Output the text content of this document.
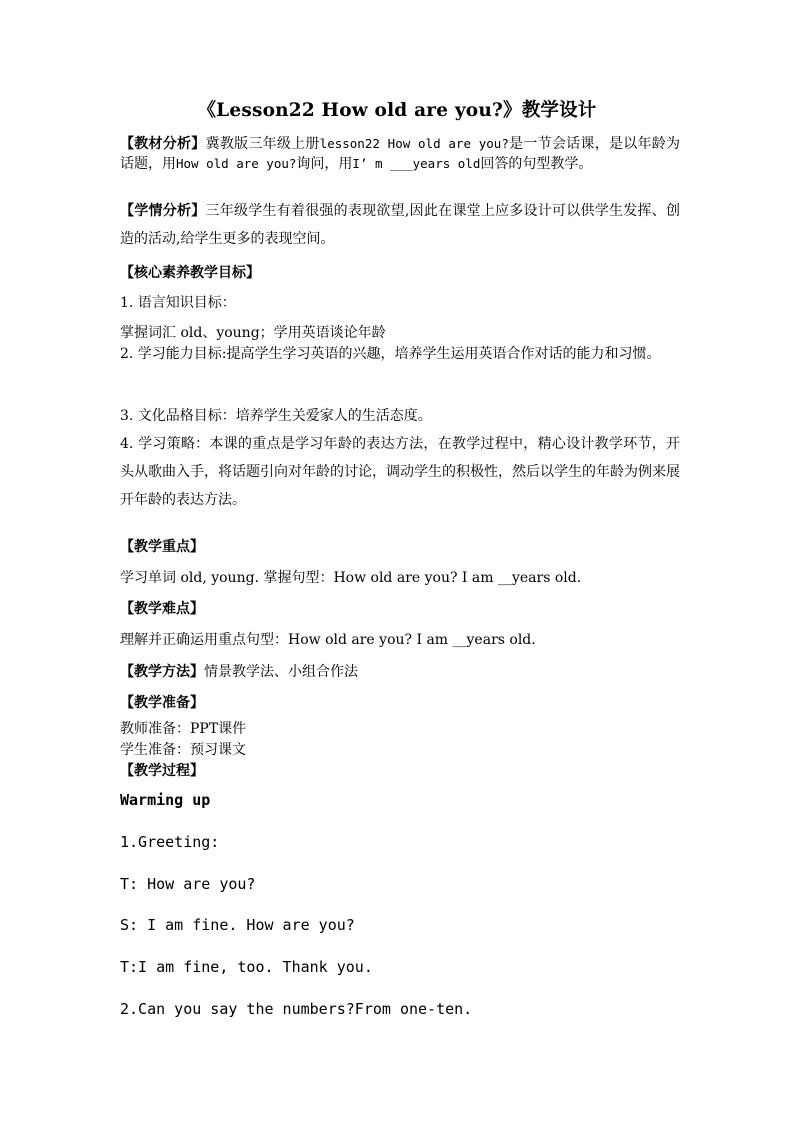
《Lesson22 How old are you?》教学设计
【教材分析】冀教版三年级上册lesson22 How old are you?是一节会话课，是以年龄为话题，用How old are you?询问，用I’ m ___years old回答的句型教学。
【学情分析】三年级学生有着很强的表现欲望,因此在课堂上应多设计可以供学生发挥、创造的活动,给学生更多的表现空间。
【核心素养教学目标】
1. 语言知识目标：
掌握词汇 old、young；学用英语谈论年龄
2. 学习能力目标:提高学生学习英语的兴趣，培养学生运用英语合作对话的能力和习惯。
3. 文化品格目标：培养学生关爱家人的生活态度。
4. 学习策略：本课的重点是学习年龄的表达方法，在教学过程中，精心设计教学环节，开头从歌曲入手，将话题引向对年龄的讨论，调动学生的积极性，然后以学生的年龄为例来展开年龄的表达方法。
【教学重点】
学习单词 old, young. 掌握句型：How old are you? I am __years old.
【教学难点】
理解并正确运用重点句型：How old are you? I am __years old.
【教学方法】情景教学法、小组合作法
【教学准备】
教师准备：PPT课件
学生准备：预习课文
【教学过程】
Warming up
1.Greeting:
T: How are you?
S: I am fine. How are you?
T:I am fine, too. Thank you.
2.Can you say the numbers?From one-ten.
